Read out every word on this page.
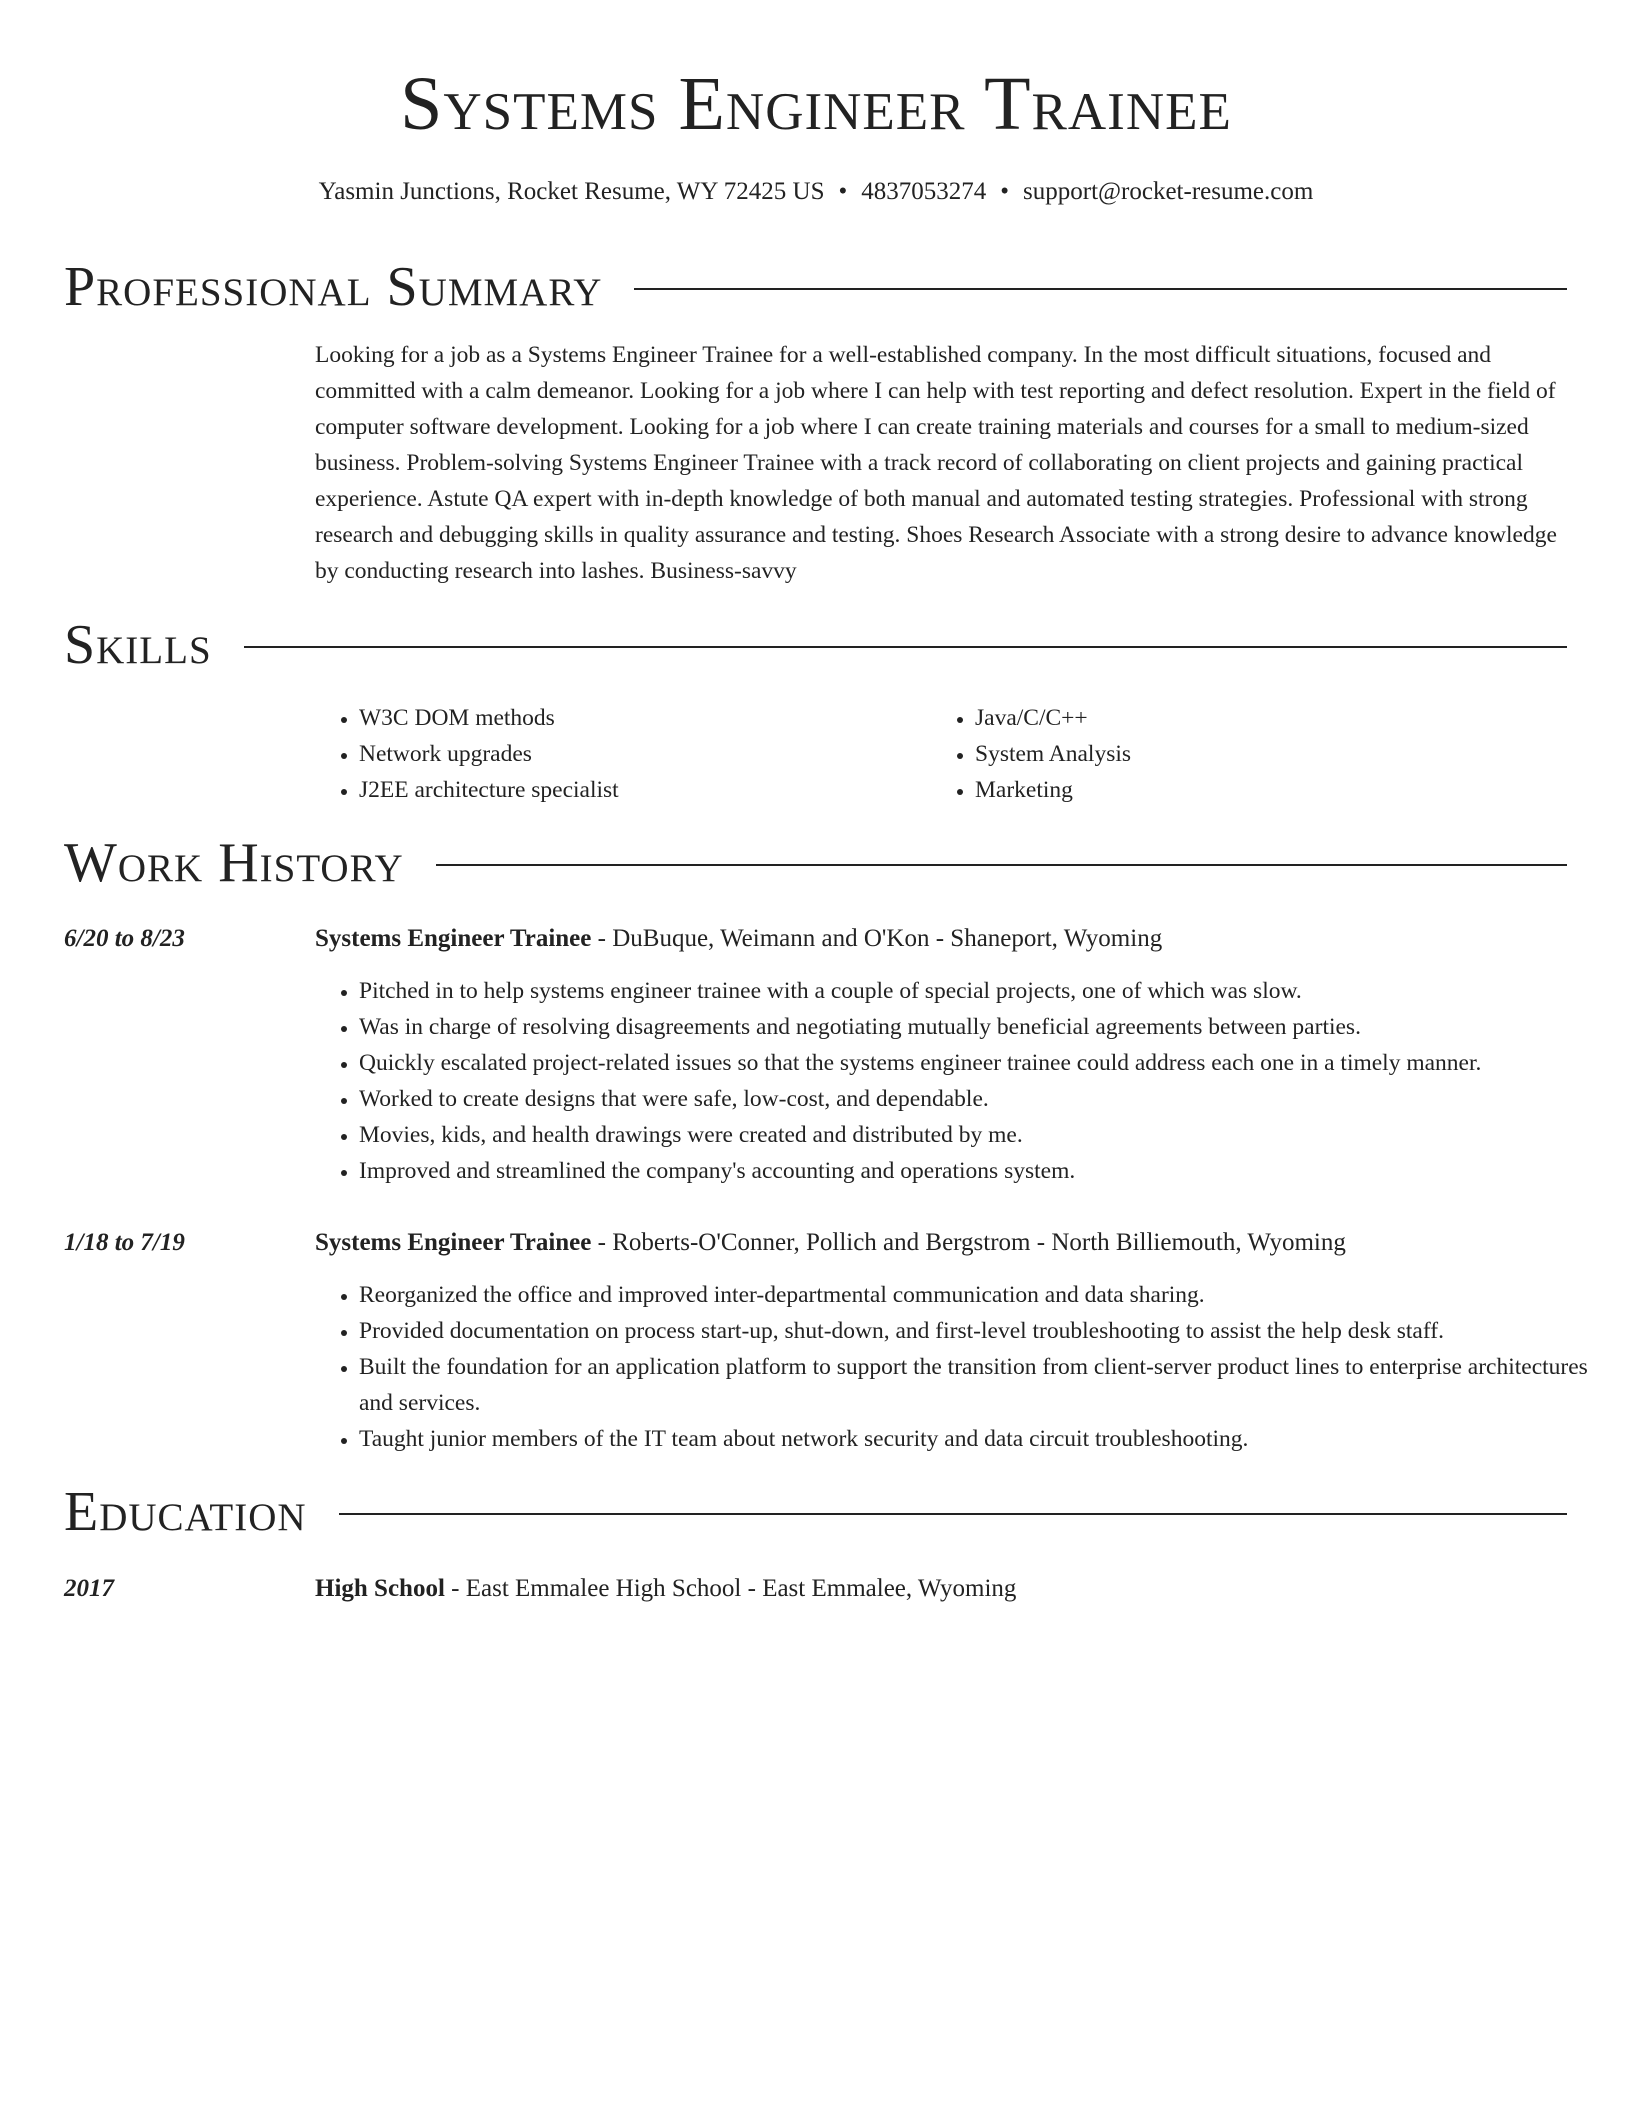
Systems Engineer Trainee
Yasmin Junctions, Rocket Resume, WY 72425 US • 4837053274 • support@rocket-resume.com
Professional Summary

Looking for a job as a Systems Engineer Trainee for a well-established company. In the most difficult situations, focused and committed with a calm demeanor. Looking for a job where I can help with test reporting and defect resolution. Expert in the field of computer software development. Looking for a job where I can create training materials and courses for a small to medium-sized business. Problem-solving Systems Engineer Trainee with a track record of collaborating on client projects and gaining practical experience. Astute QA expert with in-depth knowledge of both manual and automated testing strategies. Professional with strong research and debugging skills in quality assurance and testing. Shoes Research Associate with a strong desire to advance knowledge by conducting research into lashes. Business-savvy

Skills
• W3C DOM methods
• Network upgrades
• J2EE architecture specialist
• Java/C/C++
• System Analysis
• Marketing
Work History
6/20 to 8/23	Systems Engineer Trainee - DuBuque, Weimann and O'Kon - Shaneport, Wyoming
• Pitched in to help systems engineer trainee with a couple of special projects, one of which was slow.
• Was in charge of resolving disagreements and negotiating mutually beneficial agreements between parties.
• Quickly escalated project-related issues so that the systems engineer trainee could address each one in a timely manner.
• Worked to create designs that were safe, low-cost, and dependable.
• Movies, kids, and health drawings were created and distributed by me.
• Improved and streamlined the company's accounting and operations system.
1/18 to 7/19	Systems Engineer Trainee - Roberts-O'Conner, Pollich and Bergstrom - North Billiemouth, Wyoming
• Reorganized the office and improved inter-departmental communication and data sharing.
• Provided documentation on process start-up, shut-down, and first-level troubleshooting to assist the help desk staff.
• Built the foundation for an application platform to support the transition from client-server product lines to enterprise architectures and services.
• Taught junior members of the IT team about network security and data circuit troubleshooting.
Education
2017	High School - East Emmalee High School - East Emmalee, Wyoming
